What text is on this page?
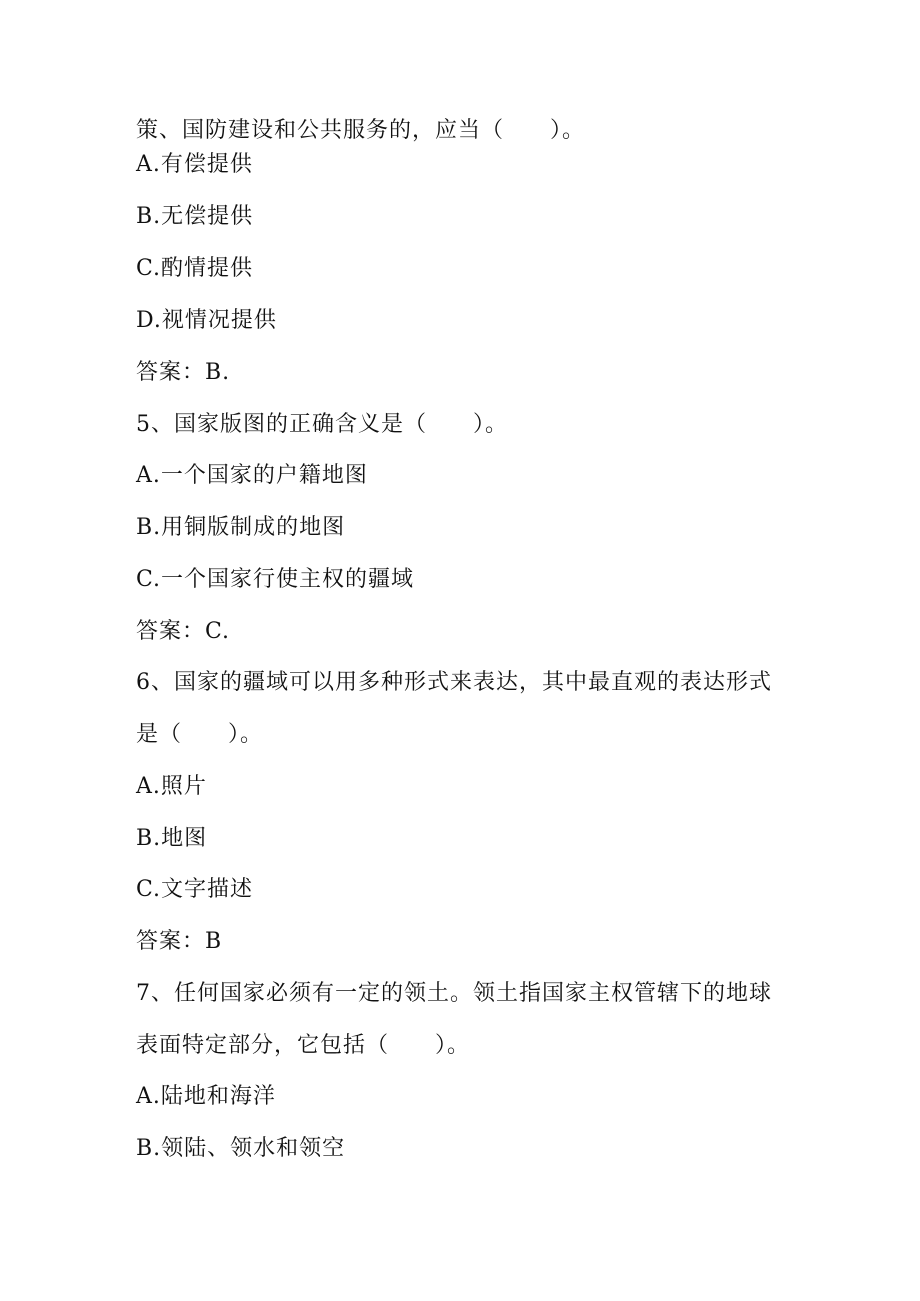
策、国防建设和公共服务的，应当（　　）。
A.有偿提供
B.无偿提供
C.酌情提供
D.视情况提供
答案：B.
5、国家版图的正确含义是（　　）。
A.一个国家的户籍地图
B.用铜版制成的地图
C.一个国家行使主权的疆域
答案：C.
6、国家的疆域可以用多种形式来表达，其中最直观的表达形式
是（　　）。
A.照片
B.地图
C.文字描述
答案：B
7、任何国家必须有一定的领土。领土指国家主权管辖下的地球
表面特定部分，它包括（　　）。
A.陆地和海洋
B.领陆、领水和领空
